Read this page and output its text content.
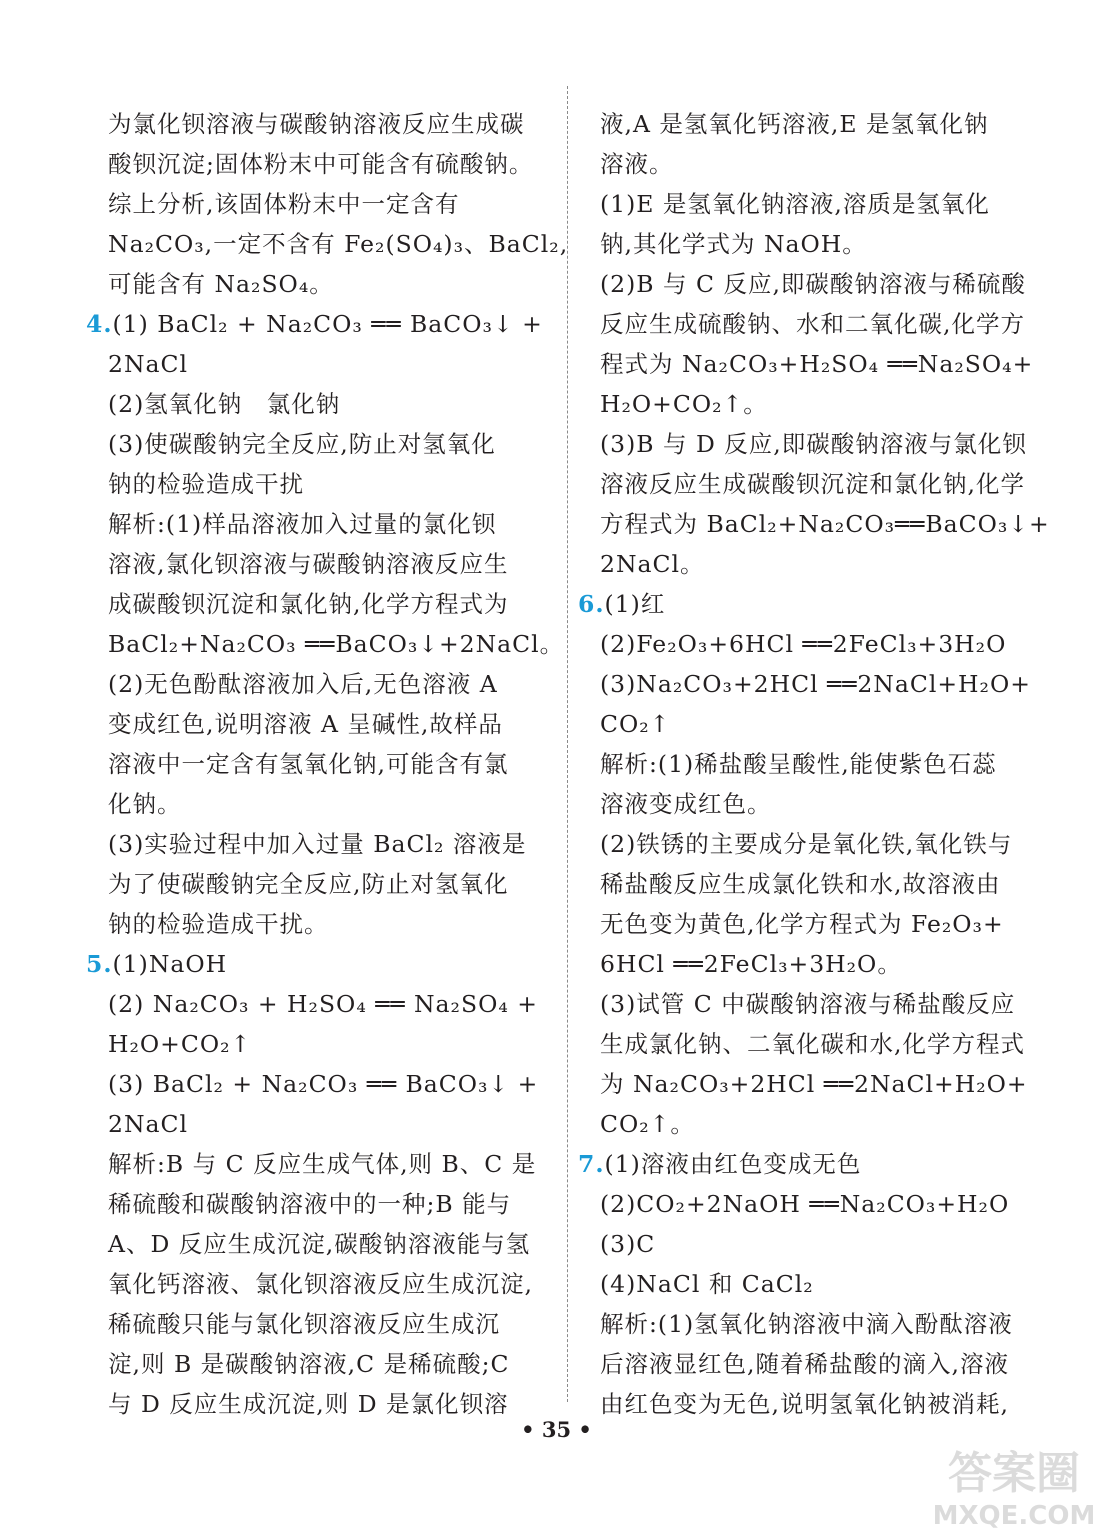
为氯化钡溶液与碳酸钠溶液反应生成碳
酸钡沉淀;固体粉末中可能含有硫酸钠。
综上分析,该固体粉末中一定含有
Na₂CO₃,一定不含有 Fe₂(SO₄)₃、BaCl₂,
可能含有 Na₂SO₄。
4.(1) BaCl₂ + Na₂CO₃ ══ BaCO₃↓ +
2NaCl
(2)氢氧化钠　氯化钠
(3)使碳酸钠完全反应,防止对氢氧化
钠的检验造成干扰
解析:(1)样品溶液加入过量的氯化钡
溶液,氯化钡溶液与碳酸钠溶液反应生
成碳酸钡沉淀和氯化钠,化学方程式为
BaCl₂+Na₂CO₃ ══BaCO₃↓+2NaCl。
(2)无色酚酞溶液加入后,无色溶液 A
变成红色,说明溶液 A 呈碱性,故样品
溶液中一定含有氢氧化钠,可能含有氯
化钠。
(3)实验过程中加入过量 BaCl₂ 溶液是
为了使碳酸钠完全反应,防止对氢氧化
钠的检验造成干扰。
5.(1)NaOH
(2) Na₂CO₃ + H₂SO₄ ══ Na₂SO₄ +
H₂O+CO₂↑
(3) BaCl₂ + Na₂CO₃ ══ BaCO₃↓ +
2NaCl
解析:B 与 C 反应生成气体,则 B、C 是
稀硫酸和碳酸钠溶液中的一种;B 能与
A、D 反应生成沉淀,碳酸钠溶液能与氢
氧化钙溶液、氯化钡溶液反应生成沉淀,
稀硫酸只能与氯化钡溶液反应生成沉
淀,则 B 是碳酸钠溶液,C 是稀硫酸;C
与 D 反应生成沉淀,则 D 是氯化钡溶
液,A 是氢氧化钙溶液,E 是氢氧化钠
溶液。
(1)E 是氢氧化钠溶液,溶质是氢氧化
钠,其化学式为 NaOH。
(2)B 与 C 反应,即碳酸钠溶液与稀硫酸
反应生成硫酸钠、水和二氧化碳,化学方
程式为 Na₂CO₃+H₂SO₄ ══Na₂SO₄+
H₂O+CO₂↑。
(3)B 与 D 反应,即碳酸钠溶液与氯化钡
溶液反应生成碳酸钡沉淀和氯化钠,化学
方程式为 BaCl₂+Na₂CO₃══BaCO₃↓+
2NaCl。
6.(1)红
(2)Fe₂O₃+6HCl ══2FeCl₃+3H₂O
(3)Na₂CO₃+2HCl ══2NaCl+H₂O+
CO₂↑
解析:(1)稀盐酸呈酸性,能使紫色石蕊
溶液变成红色。
(2)铁锈的主要成分是氧化铁,氧化铁与
稀盐酸反应生成氯化铁和水,故溶液由
无色变为黄色,化学方程式为 Fe₂O₃+
6HCl ══2FeCl₃+3H₂O。
(3)试管 C 中碳酸钠溶液与稀盐酸反应
生成氯化钠、二氧化碳和水,化学方程式
为 Na₂CO₃+2HCl ══2NaCl+H₂O+
CO₂↑。
7.(1)溶液由红色变成无色
(2)CO₂+2NaOH ══Na₂CO₃+H₂O
(3)C
(4)NaCl 和 CaCl₂
解析:(1)氢氧化钠溶液中滴入酚酞溶液
后溶液显红色,随着稀盐酸的滴入,溶液
由红色变为无色,说明氢氧化钠被消耗,
• 35 •
答案圈
MXQE.COM
